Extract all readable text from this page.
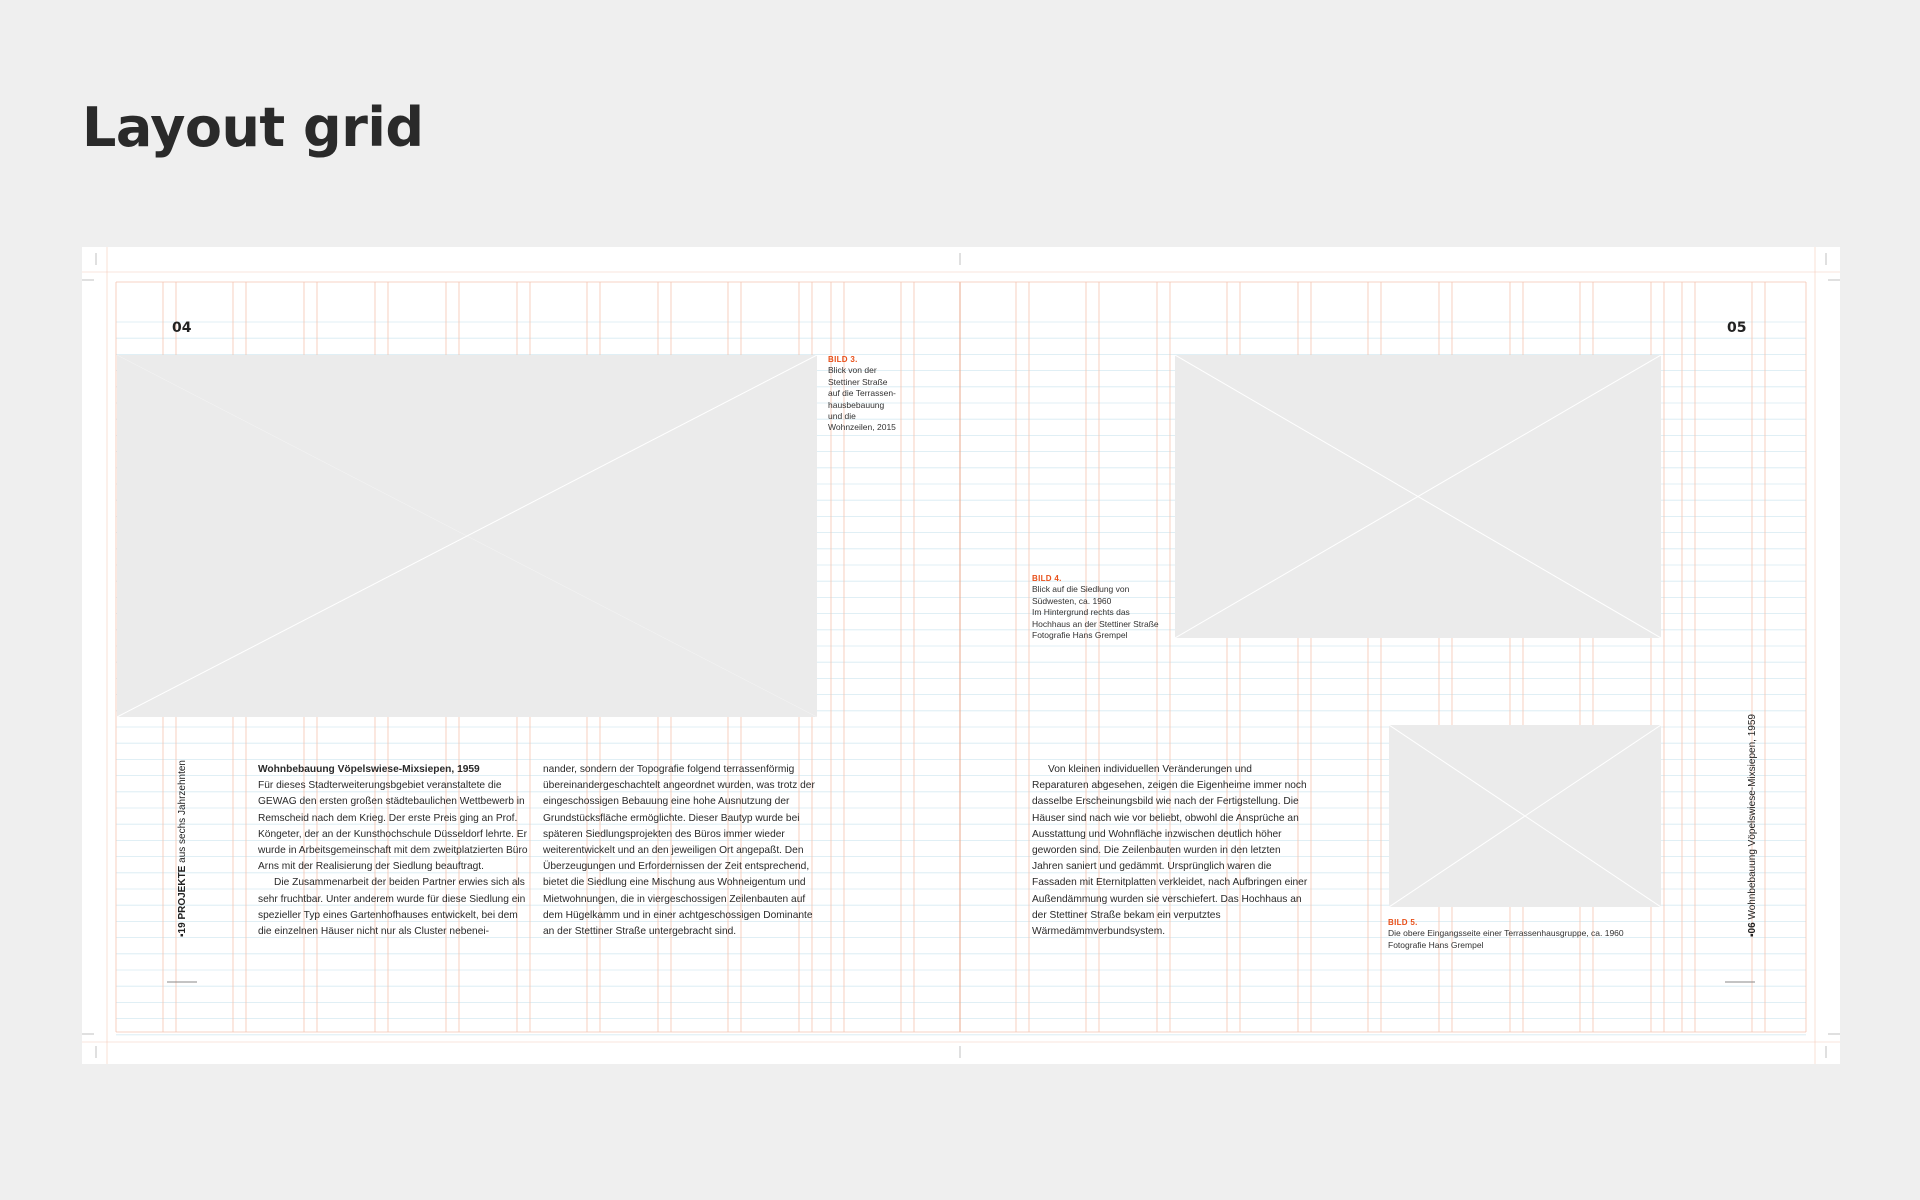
Layout grid
04	05
BILD 3.
Blick von der
Stettiner Straße
auf die Terrassen-
hausbebauung
und die
Wohnzeilen, 2015
BILD 4.
Blick auf die Siedlung von
Südwesten, ca. 1960
Im Hintergrund rechts das
Hochhaus an der Stettiner Straße
Fotografie Hans Grempel
BILD 5.
Die obere Eingangsseite einer Terrassenhausgruppe, ca. 1960
Fotografie Hans Grempel
Wohnbebauung Vöpelswiese-Mixsiepen, 1959

Für dieses Stadterweiterungsbgebiet veranstaltete die GEWAG den ersten großen städtebaulichen Wettbewerb in Remscheid nach dem Krieg. Der erste Preis ging an Prof. Köngeter, der an der Kunsthochschule Düsseldorf lehrte. Er wurde in Arbeitsgemeinschaft mit dem zweitplatzierten Büro Arns mit der Realisierung der Siedlung beauftragt.

Die Zusammenarbeit der beiden Partner erwies sich als sehr fruchtbar. Unter anderem wurde für diese Siedlung ein spezieller Typ eines Gartenhofhauses entwickelt, bei dem die einzelnen Häuser nicht nur als Cluster nebenei-

nander, sondern der Topografie folgend terrassenförmig übereinandergeschachtelt angeordnet wurden, was trotz der eingeschossigen Bebauung eine hohe Ausnutzung der Grundstücksfläche ermöglichte. Dieser Bautyp wurde bei späteren Siedlungsprojekten des Büros immer wieder weiterentwickelt und an den jeweiligen Ort angepaßt. Den Überzeugungen und Erfordernissen der Zeit entsprechend, bietet die Siedlung eine Mischung aus Wohneigentum und Mietwohnungen, die in viergeschossigen Zeilenbauten auf dem Hügelkamm und in einer achtgeschossigen Dominante an der Stettiner Straße untergebracht sind.

Von kleinen individuellen Veränderungen und Reparaturen abgesehen, zeigen die Eigenheime immer noch dasselbe Erscheinungsbild wie nach der Fertigstellung. Die Häuser sind nach wie vor beliebt, obwohl die Ansprüche an Ausstattung und Wohnfläche inzwischen deutlich höher geworden sind. Die Zeilenbauten wurden in den letzten Jahren saniert und gedämmt. Ursprünglich waren die Fassaden mit Eternitplatten verkleidet, nach Aufbringen einer Außendämmung wurden sie verschiefert. Das Hochhaus an der Stettiner Straße bekam ein verputztes Wärmedämmverbundsystem.

▪19 PROJEKTE aus sechs Jahrzehnten
▪06 Wohnbebauung Vöpelswiese-Mixsiepen, 1959
